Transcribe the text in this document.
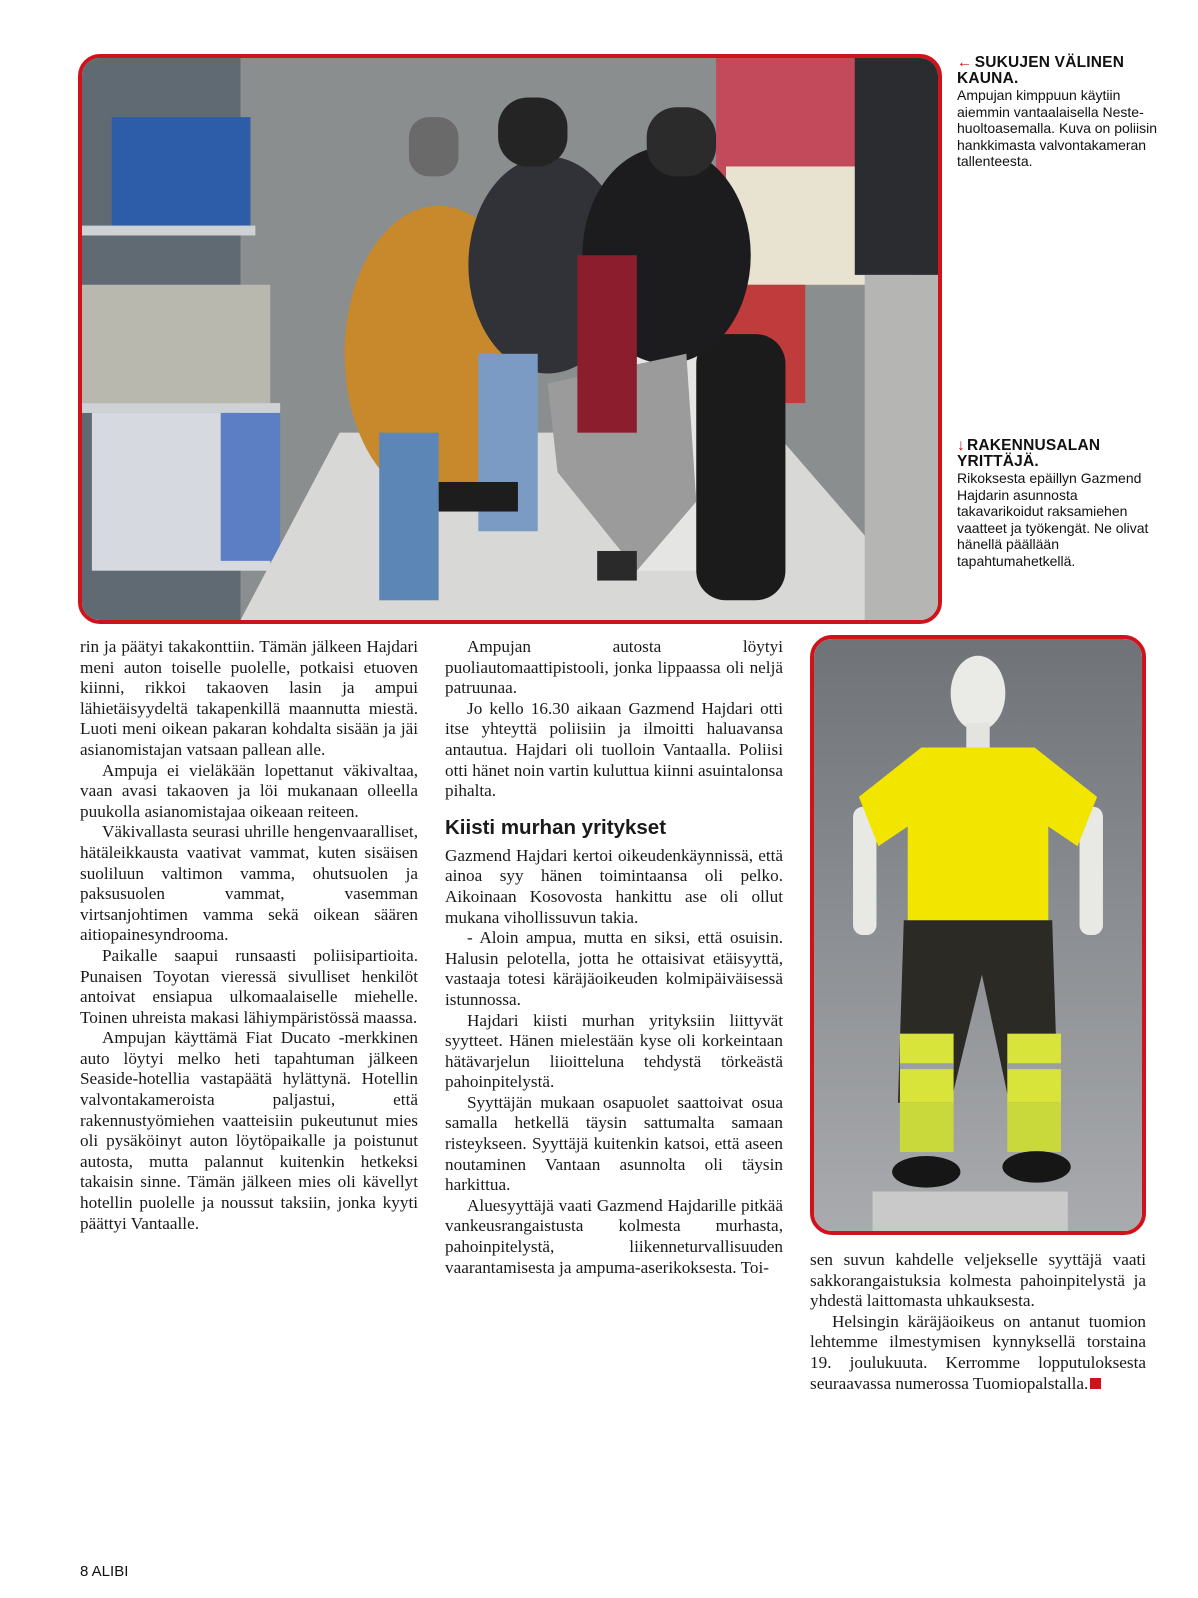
← SUKUJEN VÄLINEN KAUNA.
Ampujan kimppuun käytiin aiemmin vantaalaisella Neste-huoltoasemalla. Kuva on poliisin hankkimasta valvontakameran tallenteesta.
↓ RAKENNUSALAN YRITTÄJÄ.
Rikoksesta epäillyn Gazmend Hajdarin asunnosta takavarikoidut raksamiehen vaatteet ja työkengät. Ne olivat hänellä päällään tapahtumahetkellä.

rin ja päätyi takakonttiin. Tämän jälkeen Hajdari meni auton toiselle puolelle, potkaisi etuoven kiinni, rikkoi takaoven lasin ja ampui lähietäisyydeltä takapenkillä maannutta miestä. Luoti meni oikean pakaran kohdalta sisään ja jäi asianomistajan vatsaan pallean alle.

Ampuja ei vieläkään lopettanut väkivaltaa, vaan avasi takaoven ja löi mukanaan olleella puukolla asianomistajaa oikeaan reiteen.

Väkivallasta seurasi uhrille hengenvaaralliset, hätäleikkausta vaativat vammat, kuten sisäisen suoliluun valtimon vamma, ohutsuolen ja paksusuolen vammat, vasemman virtsanjohtimen vamma sekä oikean säären aitiopainesyndrooma.

Paikalle saapui runsaasti poliisipartioita. Punaisen Toyotan vieressä sivulliset henkilöt antoivat ensiapua ulkomaalaiselle miehelle. Toinen uhreista makasi lähiympäristössä maassa.

Ampujan käyttämä Fiat Ducato -merkkinen auto löytyi melko heti tapahtuman jälkeen Seaside-hotellia vastapäätä hylättynä. Hotellin valvontakameroista paljastui, että rakennustyömiehen vaatteisiin pukeutunut mies oli pysäköinyt auton löytöpaikalle ja poistunut autosta, mutta palannut kuitenkin hetkeksi takaisin sinne. Tämän jälkeen mies oli kävellyt hotellin puolelle ja noussut taksiin, jonka kyyti päättyi Vantaalle.

Ampujan autosta löytyi puoliautomaattipistooli, jonka lippaassa oli neljä patruunaa.

Jo kello 16.30 aikaan Gazmend Hajdari otti itse yhteyttä poliisiin ja ilmoitti haluavansa antautua. Hajdari oli tuolloin Vantaalla. Poliisi otti hänet noin vartin kuluttua kiinni asuintalonsa pihalta.

Kiisti murhan yritykset

Gazmend Hajdari kertoi oikeudenkäynnissä, että ainoa syy hänen toimintaansa oli pelko. Aikoinaan Kosovosta hankittu ase oli ollut mukana vihollissuvun takia.

- Aloin ampua, mutta en siksi, että osuisin. Halusin pelotella, jotta he ottaisivat etäisyyttä, vastaaja totesi käräjäoikeuden kolmipäiväisessä istunnossa.

Hajdari kiisti murhan yrityksiin liittyvät syytteet. Hänen mielestään kyse oli korkeintaan hätävarjelun liioitteluna tehdystä törkeästä pahoinpitelystä.

Syyttäjän mukaan osapuolet saattoivat osua samalla hetkellä täysin sattumalta samaan risteykseen. Syyttäjä kuitenkin katsoi, että aseen noutaminen Vantaan asunnolta oli täysin harkittua.

Aluesyyttäjä vaati Gazmend Hajdarille pitkää vankeusrangaistusta kolmesta murhasta, pahoinpitelystä, liikenneturvallisuuden vaarantamisesta ja ampuma-aserikoksesta. Toi-	sen suvun kahdelle veljekselle syyttäjä vaati sakkorangaistuksia kolmesta pahoinpitelystä ja yhdestä laittomasta uhkauksesta.

Helsingin käräjäoikeus on antanut tuomion lehtemme ilmestymisen kynnyksellä torstaina 19. joulukuuta. Kerromme lopputuloksesta seuraavassa numerossa Tuomiopalstalla.

8 ALIBI
